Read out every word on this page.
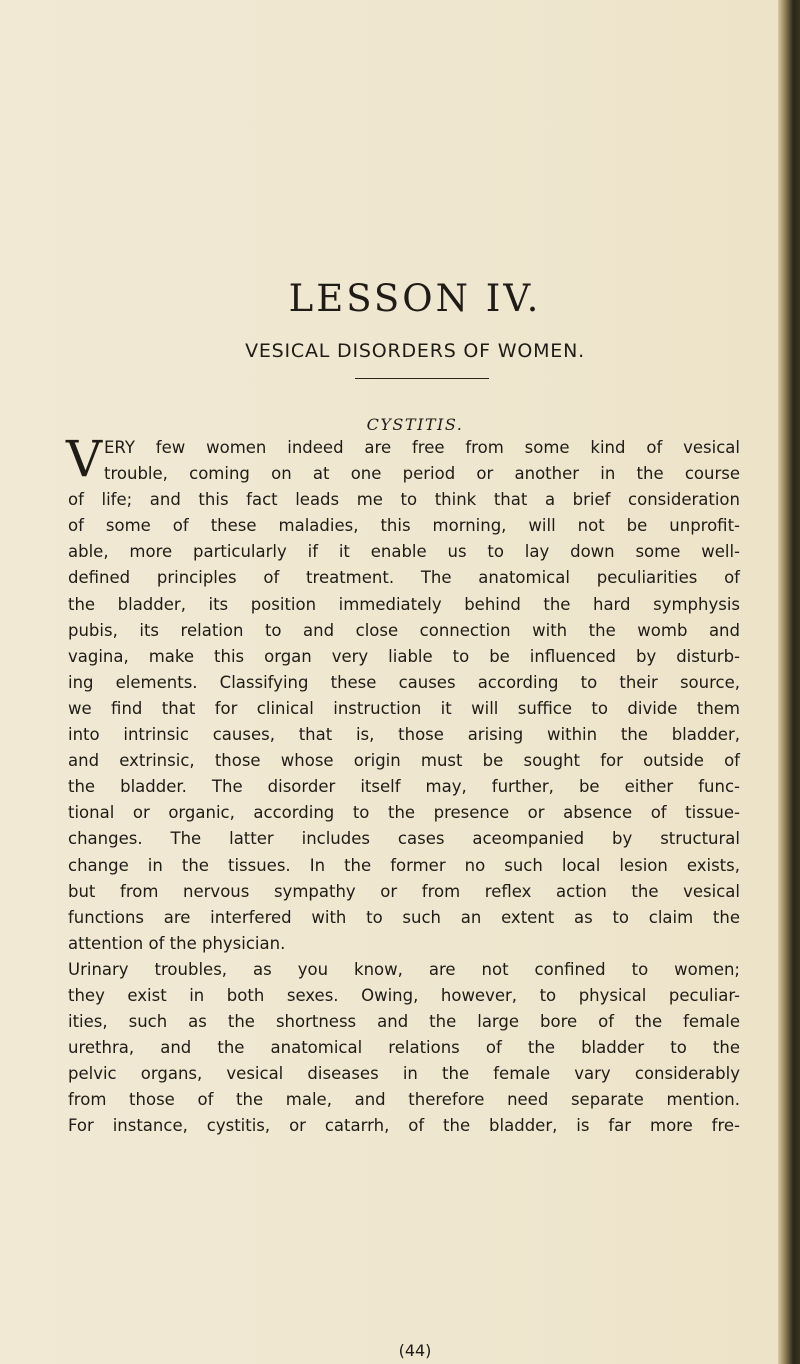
LESSON IV.
VESICAL DISORDERS OF WOMEN.
CYSTITIS.
V ERY few women indeed are free from some kind of vesical
trouble, coming on at one period or another in the course
of life; and this fact leads me to think that a brief consideration
of some of these maladies, this morning, will not be unprofit-
able, more particularly if it enable us to lay down some well-
defined principles of treatment. The anatomical peculiarities of
the bladder, its position immediately behind the hard symphysis
pubis, its relation to and close connection with the womb and
vagina, make this organ very liable to be influenced by disturb-
ing elements. Classifying these causes according to their source,
we find that for clinical instruction it will suffice to divide them
into intrinsic causes, that is, those arising within the bladder,
and extrinsic, those whose origin must be sought for outside of
the bladder. The disorder itself may, further, be either func-
tional or organic, according to the presence or absence of tissue-
changes. The latter includes cases aceompanied by structural
change in the tissues. In the former no such local lesion exists,
but from nervous sympathy or from reflex action the vesical
functions are interfered with to such an extent as to claim the
attention of the physician.
Urinary troubles, as you know, are not confined to women;
they exist in both sexes. Owing, however, to physical peculiar-
ities, such as the shortness and the large bore of the female
urethra, and the anatomical relations of the bladder to the
pelvic organs, vesical diseases in the female vary considerably
from those of the male, and therefore need separate mention.
For instance, cystitis, or catarrh, of the bladder, is far more fre-
(44)
